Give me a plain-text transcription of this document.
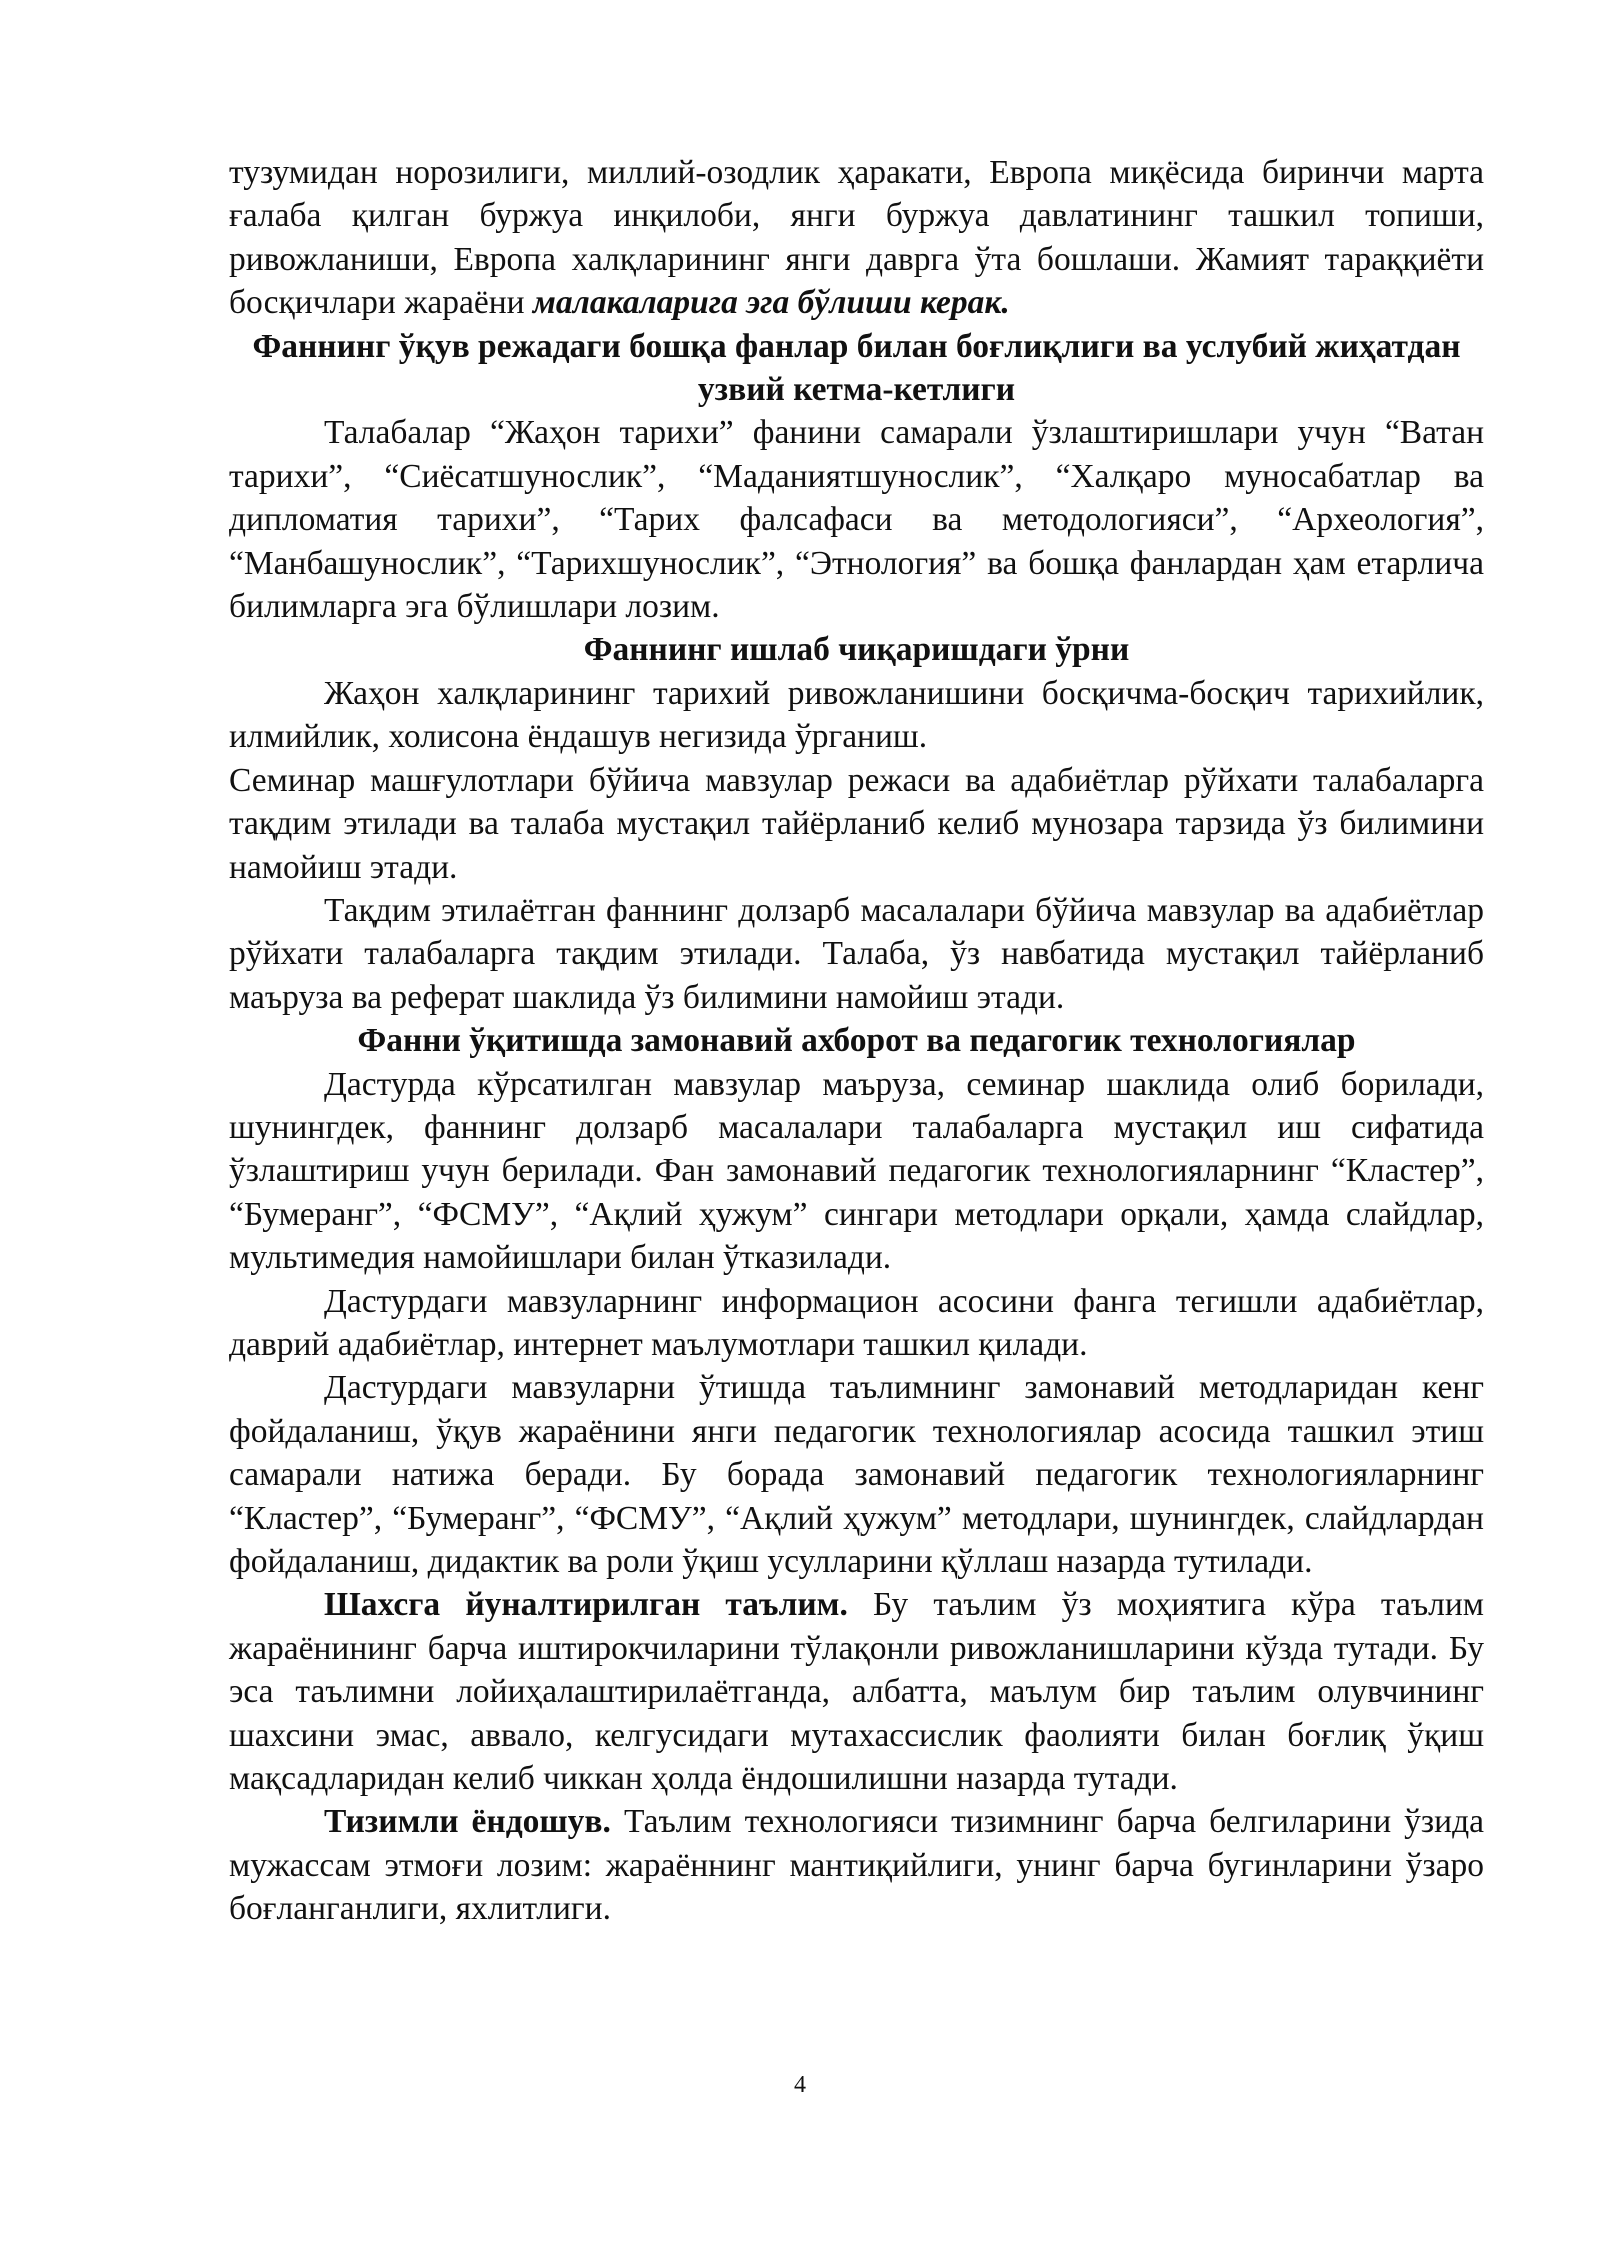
тузумидан норозилиги, миллий-озодлик ҳаракати, Европа миқёсида биринчи марта ғалаба қилган буржуа инқилоби, янги буржуа давлатининг ташкил топиши, ривожланиши, Европа халқларининг янги даврга ўта бошлаши. Жамият тараққиёти босқичлари жараёни малакаларига эга бўлиши керак.

Фаннинг ўқув режадаги бошқа фанлар билан боғлиқлиги ва услубий жиҳатдан узвий кетма-кетлиги

Талабалар “Жаҳон тарихи” фанини самарали ўзлаштиришлари учун “Ватан тарихи”, “Сиёсатшунослик”, “Маданиятшунослик”, “Халқаро муносабатлар ва дипломатия тарихи”, “Тарих фалсафаси ва методологияси”, “Археология”, “Манбашунослик”, “Тарихшунослик”, “Этнология” ва бошқа фанлардан ҳам етарлича билимларга эга бўлишлари лозим.

Фаннинг ишлаб чиқаришдаги ўрни

Жаҳон халқларининг тарихий ривожланишини босқичма-босқич тарихийлик, илмийлик, холисона ёндашув негизида ўрганиш.

Семинар машғулотлари бўйича мавзулар режаси ва адабиётлар рўйхати талабаларга тақдим этилади ва талаба мустақил тайёрланиб келиб мунозара тарзида ўз билимини намойиш этади.

Тақдим этилаётган фаннинг долзарб масалалари бўйича мавзулар ва адабиётлар рўйхати талабаларга тақдим этилади. Талаба, ўз навбатида мустақил тайёрланиб маъруза ва реферат шаклида ўз билимини намойиш этади.

Фанни ўқитишда замонавий ахборот ва педагогик технологиялар

Дастурда кўрсатилган мавзулар маъруза, семинар шаклида олиб борилади, шунингдек, фаннинг долзарб масалалари талабаларга мустақил иш сифатида ўзлаштириш учун берилади. Фан замонавий педагогик технологияларнинг “Кластер”, “Бумеранг”, “ФСМУ”, “Ақлий ҳужум” сингари методлари орқали, ҳамда слайдлар, мультимедия намойишлари билан ўтказилади.

Дастурдаги мавзуларнинг информацион асосини фанга тегишли адабиётлар, даврий адабиётлар, интернет маълумотлари ташкил қилади.

Дастурдаги мавзуларни ўтишда таълимнинг замонавий методларидан кенг фойдаланиш, ўқув жараёнини янги педагогик технологиялар асосида ташкил этиш самарали натижа беради. Бу борада замонавий педагогик технологияларнинг “Кластер”, “Бумеранг”, “ФСМУ”, “Ақлий ҳужум” методлари, шунингдек, слайдлардан фойдаланиш, дидактик ва роли ўқиш усулларини қўллаш назарда тутилади.

Шахсга йуналтирилган таълим. Бу таълим ўз моҳиятига кўра таълим жараёнининг барча иштирокчиларини тўлақонли ривожланишларини кўзда тутади. Бу эса таълимни лойиҳалаштирилаётганда, албатта, маълум бир таълим олувчининг шахсини эмас, аввало, келгусидаги мутахассислик фаолияти билан боғлиқ ўқиш мақсадларидан келиб чиккан ҳолда ёндошилишни назарда тутади.

Тизимли ёндошув. Таълим технологияси тизимнинг барча белгиларини ўзида мужассам этмоғи лозим: жараённинг мантиқийлиги, унинг барча бугинларини ўзаро боғланганлиги, яхлитлиги.

4
